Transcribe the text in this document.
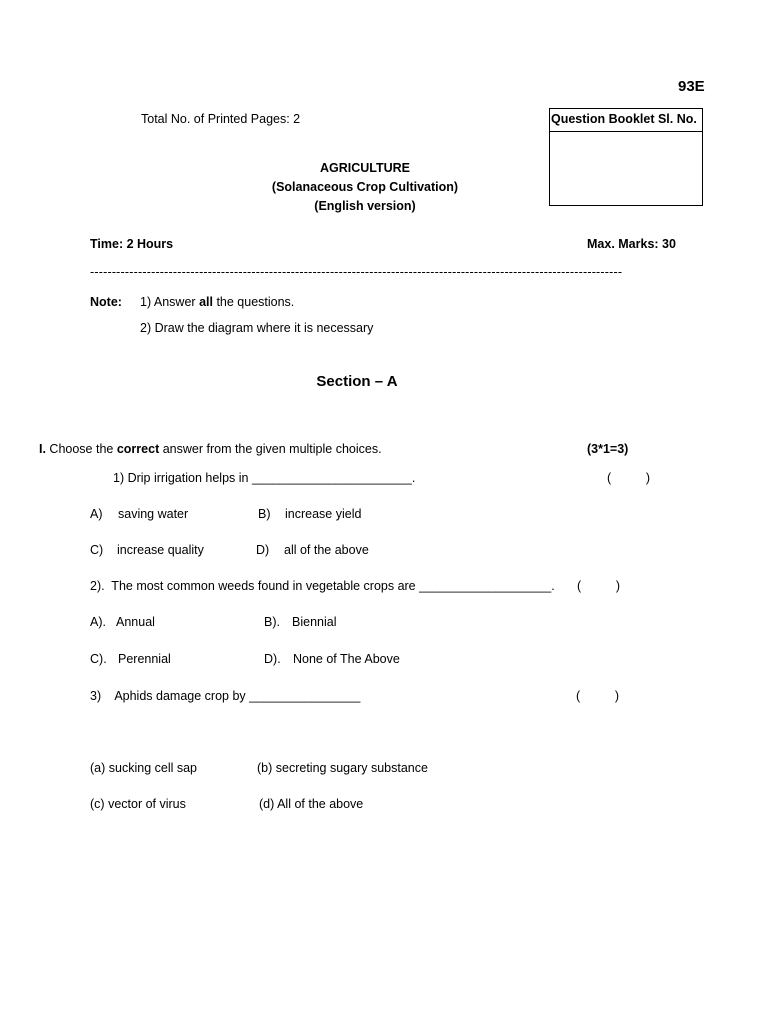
93E
Total No. of Printed Pages: 2	Question Booklet Sl. No.
AGRICULTURE
(Solanaceous Crop Cultivation)
(English version)
Time: 2 Hours	Max. Marks: 30
--------------------------------------------------------------------------------------------------------------------------
Note: 1) Answer all the questions.
2) Draw the diagram where it is necessary
Section – A
I. Choose the correct answer from the given multiple choices.	(3*1=3)
1) Drip irrigation helps in _______________________.	(          )
A) saving water	B) increase yield
C) increase quality	D) all of the above
2).  The most common weeds found in vegetable crops are ___________________. (          )
A). Annual	B). Biennial
C). Perennial	D). None of The Above
3)    Aphids damage crop by ________________	(          )
(a) sucking cell sap	(b) secreting sugary substance
(c) vector of virus	(d) All of the above
